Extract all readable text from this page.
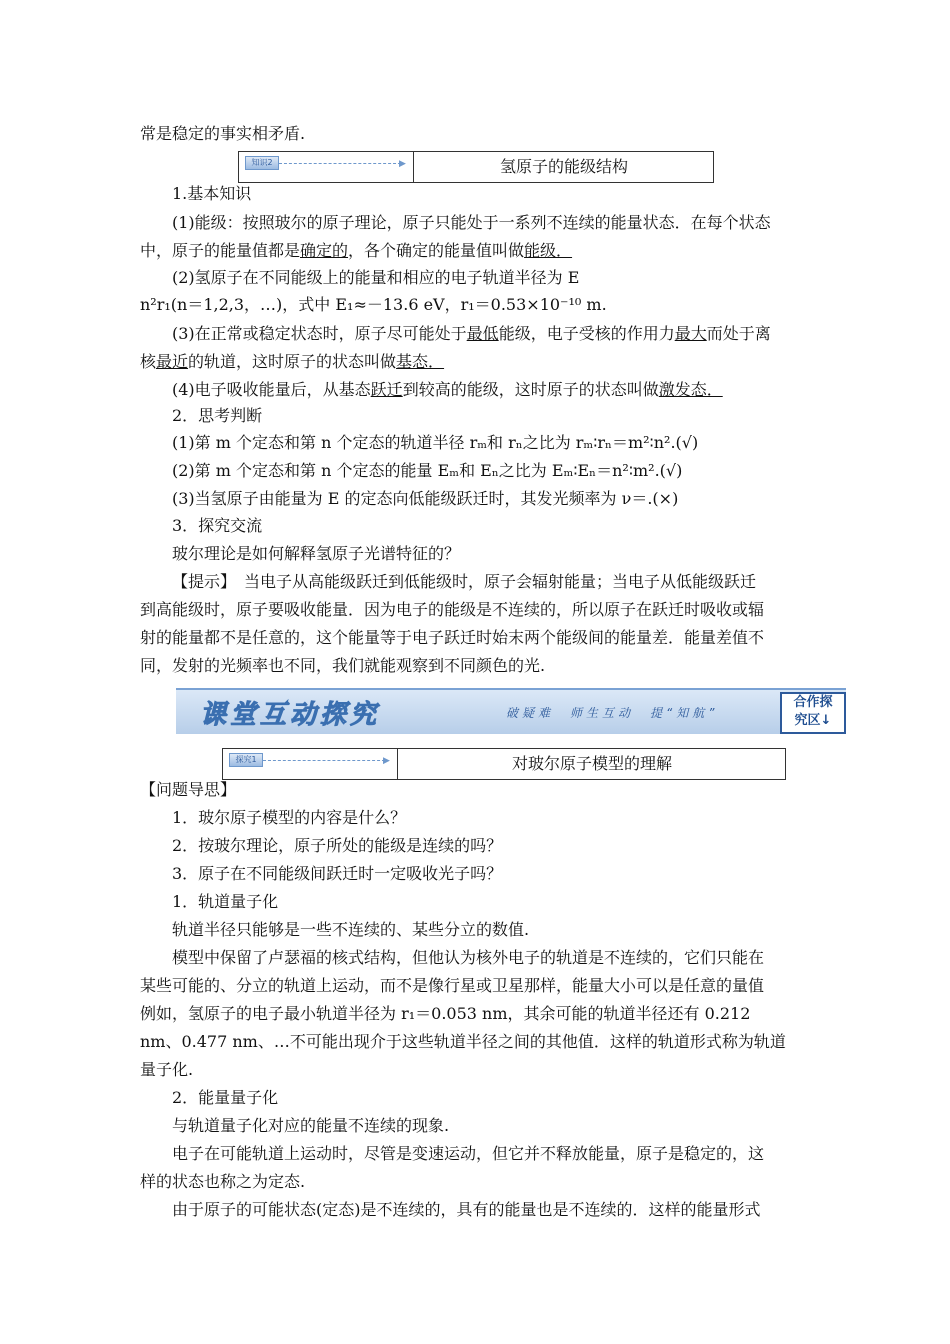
常是稳定的事实相矛盾.
知识2	▶	氢原子的能级结构
1.基本知识
(1)能级：按照玻尔的原子理论，原子只能处于一系列不连续的能量状态．在每个状态
中，原子的能量值都是确定的，各个确定的能量值叫做能级．
(2)氢原子在不同能级上的能量和相应的电子轨道半径为 E
n²r₁(n＝1,2,3，…)，式中 E₁≈－13.6 eV，r₁＝0.53×10⁻¹⁰ m.
(3)在正常或稳定状态时，原子尽可能处于最低能级，电子受核的作用力最大而处于离
核最近的轨道，这时原子的状态叫做基态．
(4)电子吸收能量后，从基态跃迁到较高的能级，这时原子的状态叫做激发态．
2．思考判断
(1)第 m 个定态和第 n 个定态的轨道半径 rₘ和 rₙ之比为 rₘ∶rₙ＝m²∶n².(√)
(2)第 m 个定态和第 n 个定态的能量 Eₘ和 Eₙ之比为 Eₘ∶Eₙ＝n²∶m².(√)
(3)当氢原子由能量为 E 的定态向低能级跃迁时，其发光频率为 ν＝.(×)
3．探究交流
玻尔理论是如何解释氢原子光谱特征的？
【提示】　当电子从高能级跃迁到低能级时，原子会辐射能量；当电子从低能级跃迁
到高能级时，原子要吸收能量．因为电子的能级是不连续的，所以原子在跃迁时吸收或辐
射的能量都不是任意的，这个能量等于电子跃迁时始末两个能级间的能量差．能量差值不
同，发射的光频率也不同，我们就能观察到不同颜色的光.
课堂互动探究	破疑难　师生互动　提“知航”
合作探
究区↓
探究1	▶	对玻尔原子模型的理解
【问题导思】
1．玻尔原子模型的内容是什么？
2．按玻尔理论，原子所处的能级是连续的吗？
3．原子在不同能级间跃迁时一定吸收光子吗？
1．轨道量子化
轨道半径只能够是一些不连续的、某些分立的数值.
模型中保留了卢瑟福的核式结构，但他认为核外电子的轨道是不连续的，它们只能在
某些可能的、分立的轨道上运动，而不是像行星或卫星那样，能量大小可以是任意的量值
例如，氢原子的电子最小轨道半径为 r₁＝0.053 nm，其余可能的轨道半径还有 0.212
nm、0.477 nm、…不可能出现介于这些轨道半径之间的其他值．这样的轨道形式称为轨道
量子化.
2．能量量子化
与轨道量子化对应的能量不连续的现象.
电子在可能轨道上运动时，尽管是变速运动，但它并不释放能量，原子是稳定的，这
样的状态也称之为定态.
由于原子的可能状态(定态)是不连续的，具有的能量也是不连续的．这样的能量形式
